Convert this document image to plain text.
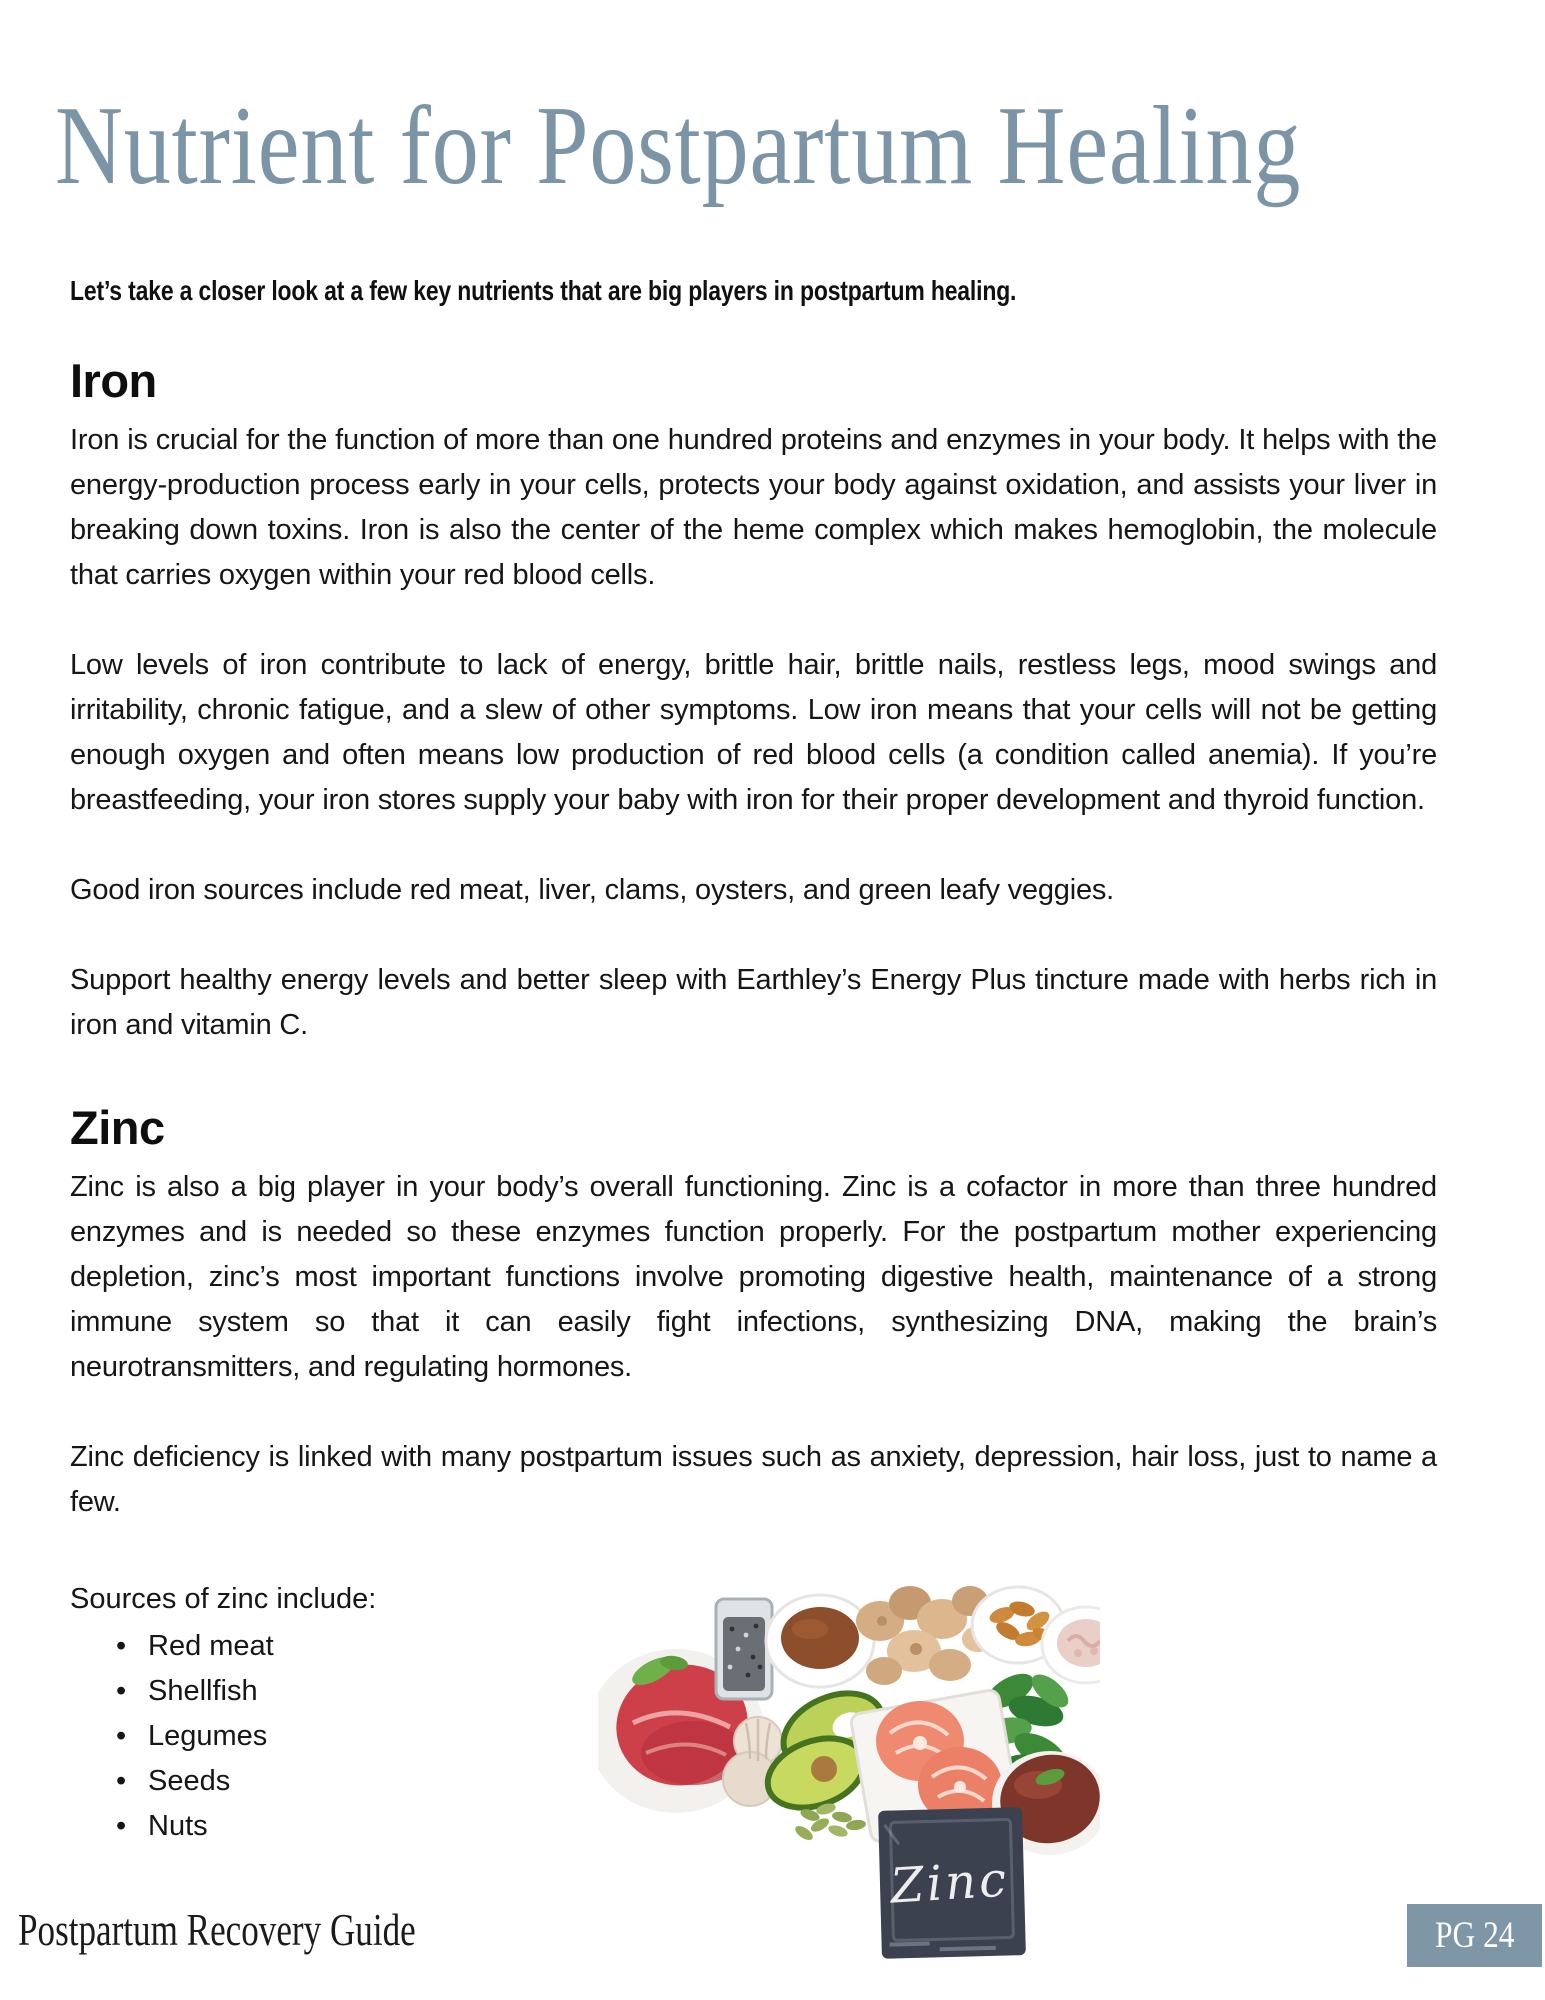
Nutrient for Postpartum Healing

Let’s take a closer look at a few key nutrients that are big players in postpartum healing.

Iron

Iron is crucial for the function of more than one hundred proteins and enzymes in your body. It helps with the energy-production process early in your cells, protects your body against oxidation, and assists your liver in breaking down toxins. Iron is also the center of the heme complex which makes hemoglobin, the molecule that carries oxygen within your red blood cells.

Low levels of iron contribute to lack of energy, brittle hair, brittle nails, restless legs, mood swings and irritability, chronic fatigue, and a slew of other symptoms. Low iron means that your cells will not be getting enough oxygen and often means low production of red blood cells (a condition called anemia). If you’re breastfeeding, your iron stores supply your baby with iron for their proper development and thyroid function.

Good iron sources include red meat, liver, clams, oysters, and green leafy veggies.

Support healthy energy levels and better sleep with Earthley’s Energy Plus tincture made with herbs rich in iron and vitamin C.

Zinc

Zinc is also a big player in your body’s overall functioning. Zinc is a cofactor in more than three hundred enzymes and is needed so these enzymes function properly. For the postpartum mother experiencing depletion, zinc’s most important functions involve promoting digestive health, maintenance of a strong immune system so that it can easily fight infections, synthesizing DNA, making the brain’s neurotransmitters, and regulating hormones.

Zinc deficiency is linked with many postpartum issues such as anxiety, depression, hair loss, just to name a few.

Sources of zinc include:
• Red meat
• Shellfish
• Legumes
• Seeds
• Nuts
Zinc
Postpartum Recovery Guide	PG 24
